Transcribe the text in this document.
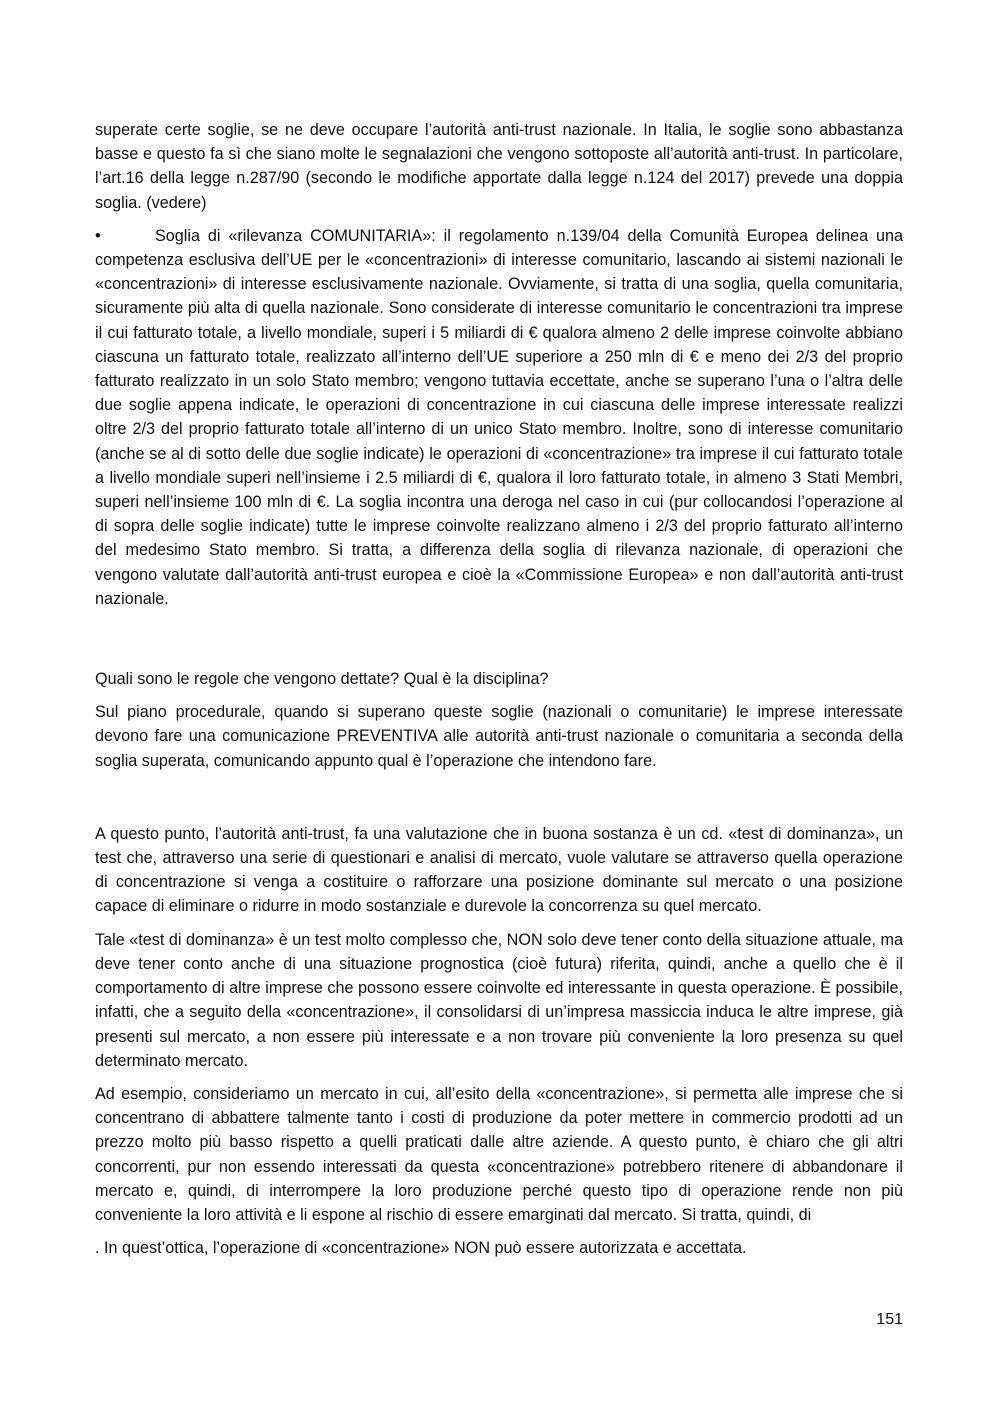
superate certe soglie, se ne deve occupare l’autorità anti-trust nazionale. In Italia, le soglie sono abbastanza basse e questo fa sì che siano molte le segnalazioni che vengono sottoposte all’autorità anti-trust. In particolare, l’art.16 della legge n.287/90 (secondo le modifiche apportate dalla legge n.124 del 2017) prevede una doppia soglia. (vedere)

•	Soglia di «rilevanza COMUNITARIA»: il regolamento n.139/04 della Comunità Europea delinea una competenza esclusiva dell’UE per le «concentrazioni» di interesse comunitario, lascando ai sistemi nazionali le «concentrazioni» di interesse esclusivamente nazionale. Ovviamente, si tratta di una soglia, quella comunitaria, sicuramente più alta di quella nazionale. Sono considerate di interesse comunitario le concentrazioni tra imprese il cui fatturato totale, a livello mondiale, superi i 5 miliardi di € qualora almeno 2 delle imprese coinvolte abbiano ciascuna un fatturato totale, realizzato all’interno dell’UE superiore a 250 mln di € e meno dei 2/3 del proprio fatturato realizzato in un solo Stato membro; vengono tuttavia eccettate, anche se superano l’una o l’altra delle due soglie appena indicate, le operazioni di concentrazione in cui ciascuna delle imprese interessate realizzi oltre 2/3 del proprio fatturato totale all’interno di un unico Stato membro. Inoltre, sono di interesse comunitario (anche se al di sotto delle due soglie indicate) le operazioni di «concentrazione» tra imprese il cui fatturato totale a livello mondiale superi nell’insieme i 2.5 miliardi di €, qualora il loro fatturato totale, in almeno 3 Stati Membri, superi nell’insieme 100 mln di €. La soglia incontra una deroga nel caso in cui (pur collocandosi l’operazione al di sopra delle soglie indicate) tutte le imprese coinvolte realizzano almeno i 2/3 del proprio fatturato all’interno del medesimo Stato membro. Si tratta, a differenza della soglia di rilevanza nazionale, di operazioni che vengono valutate dall’autorità anti-trust europea e cioè la «Commissione Europea» e non dall’autorità anti-trust nazionale.

Quali sono le regole che vengono dettate? Qual è la disciplina?

Sul piano procedurale, quando si superano queste soglie (nazionali o comunitarie) le imprese interessate devono fare una comunicazione PREVENTIVA alle autorità anti-trust nazionale o comunitaria a seconda della soglia superata, comunicando appunto qual è l’operazione che intendono fare.

A questo punto, l’autorità anti-trust, fa una valutazione che in buona sostanza è un cd. «test di dominanza», un test che, attraverso una serie di questionari e analisi di mercato, vuole valutare se attraverso quella operazione di concentrazione si venga a costituire o rafforzare una posizione dominante sul mercato o una posizione capace di eliminare o ridurre in modo sostanziale e durevole la concorrenza su quel mercato.

Tale «test di dominanza» è un test molto complesso che, NON solo deve tener conto della situazione attuale, ma deve tener conto anche di una situazione prognostica (cioè futura) riferita, quindi, anche a quello che è il comportamento di altre imprese che possono essere coinvolte ed interessante in questa operazione. È possibile, infatti, che a seguito della «concentrazione», il consolidarsi di un’impresa massiccia induca le altre imprese, già presenti sul mercato, a non essere più interessate e a non trovare più conveniente la loro presenza su quel determinato mercato.

Ad esempio, consideriamo un mercato in cui, all’esito della «concentrazione», si permetta alle imprese che si concentrano di abbattere talmente tanto i costi di produzione da poter mettere in commercio prodotti ad un prezzo molto più basso rispetto a quelli praticati dalle altre aziende. A questo punto, è chiaro che gli altri concorrenti, pur non essendo interessati da questa «concentrazione» potrebbero ritenere di abbandonare il mercato e, quindi, di interrompere la loro produzione perché questo tipo di operazione rende non più conveniente la loro attività e li espone al rischio di essere emarginati dal mercato. Si tratta, quindi, di

. In quest’ottica, l’operazione di «concentrazione» NON può essere autorizzata e accettata.

151
